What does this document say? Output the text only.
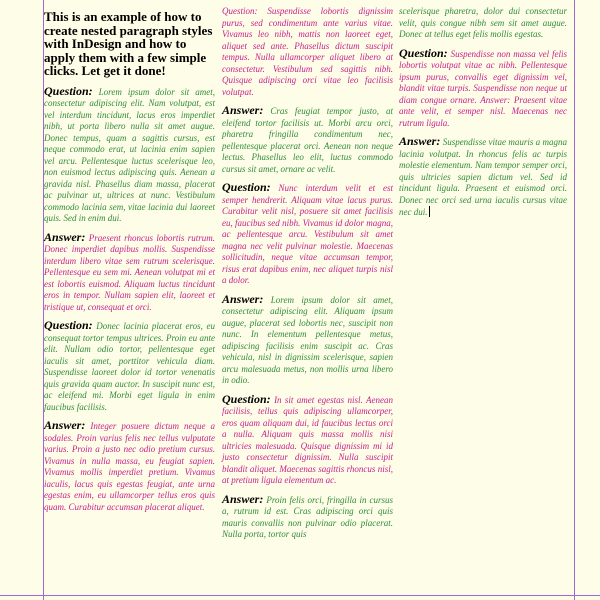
This is an example of how to create nested paragraph styles with InDesign and how to apply them with a few simple clicks. Let get it done!

Question: Lorem ipsum dolor sit amet, consectetur adipiscing elit. Nam volutpat, est vel interdum tincidunt, lacus eros imperdiet nibh, ut porta libero nulla sit amet augue. Donec tempus, quam a sagittis cursus, est neque commodo erat, ut lacinia enim sapien vel arcu. Pellentesque luctus scelerisque leo, non euismod lectus adipiscing quis. Aenean a gravida nisl. Phasellus diam massa, placerat ac pulvinar ut, ultrices at nunc. Vestibulum commodo lacinia sem, vitae lacinia dui laoreet quis. Sed in enim dui.

Answer: Praesent rhoncus lobortis rutrum. Donec imperdiet dapibus mollis. Suspendisse interdum libero vitae sem rutrum scelerisque. Pellentesque eu sem mi. Aenean volutpat mi et est lobortis euismod. Aliquam luctus tincidunt eros in tempor. Nullam sapien elit, laoreet et tristique ut, consequat et orci.

Question: Donec lacinia placerat eros, eu consequat tortor tempus ultrices. Proin eu ante elit. Nullam odio tortor, pellentesque eget iaculis sit amet, porttitor vehicula diam. Suspendisse laoreet dolor id tortor venenatis quis gravida quam auctor. In suscipit nunc est, ac eleifend mi. Morbi eget ligula in enim faucibus facilisis.

Answer: Integer posuere dictum neque a sodales. Proin varius felis nec tellus vulputate varius. Proin a justo nec odio pretium cursus. Vivamus in nulla massa, eu feugiat sapien. Vivamus mollis imperdiet pretium. Vivamus iaculis, lacus quis egestas feugiat, ante urna egestas enim, eu ullamcorper tellus eros quis quam. Curabitur accumsan placerat aliquet.

Question: Suspendisse lobortis dignissim purus, sed condimentum ante varius vitae. Vivamus leo nibh, mattis non laoreet eget, aliquet sed ante. Phasellus dictum suscipit tempus. Nulla ullamcorper aliquet libero at consectetur. Vestibulum sed sagittis nibh. Quisque adipiscing orci vitae leo facilisis volutpat.

Answer: Cras feugiat tempor justo, at eleifend tortor facilisis ut. Morbi arcu orci, pharetra fringilla condimentum nec, pellentesque placerat orci. Aenean non neque lectus. Phasellus leo elit, luctus commodo cursus sit amet, ornare ac velit.

Question: Nunc interdum velit et est semper hendrerit. Aliquam vitae lacus purus. Curabitur velit nisl, posuere sit amet facilisis eu, faucibus sed nibh. Vivamus id dolor magna, ac pellentesque arcu. Vestibulum sit amet magna nec velit pulvinar molestie. Maecenas sollicitudin, neque vitae accumsan tempor, risus erat dapibus enim, nec aliquet turpis nisl a dolor.

Answer: Lorem ipsum dolor sit amet, consectetur adipiscing elit. Aliquam ipsum augue, placerat sed lobortis nec, suscipit non nunc. In elementum pellentesque metus, adipiscing facilisis enim suscipit ac. Cras vehicula, nisl in dignissim scelerisque, sapien arcu malesuada metus, non mollis urna libero in odio.

Question: In sit amet egestas nisl. Aenean facilisis, tellus quis adipiscing ullamcorper, eros quam aliquam dui, id faucibus lectus orci a nulla. Aliquam quis massa mollis nisi ultricies malesuada. Quisque dignissim mi id justo consectetur dignissim. Nulla suscipit blandit aliquet. Maecenas sagittis rhoncus nisl, at pretium ligula elementum ac.

Answer: Proin felis orci, fringilla in cursus a, rutrum id est. Cras adipiscing orci quis mauris convallis non pulvinar odio placerat. Nulla porta, tortor quis

scelerisque pharetra, dolor dui consectetur velit, quis congue nibh sem sit amet augue. Donec at tellus eget felis mollis egestas.

Question: Suspendisse non massa vel felis lobortis volutpat vitae ac nibh. Pellentesque ipsum purus, convallis eget dignissim vel, blandit vitae turpis. Suspendisse non neque ut diam congue ornare. Answer: Praesent vitae ante velit, et semper nisl. Maecenas nec rutrum ligula.

Answer: Suspendisse vitae mauris a magna lacinia volutpat. In rhoncus felis ac turpis molestie elementum. Nam tempor semper orci, quis ultricies sapien dictum vel. Sed id tincidunt ligula. Praesent et euismod orci. Donec nec orci sed urna iaculis cursus vitae nec dui.
